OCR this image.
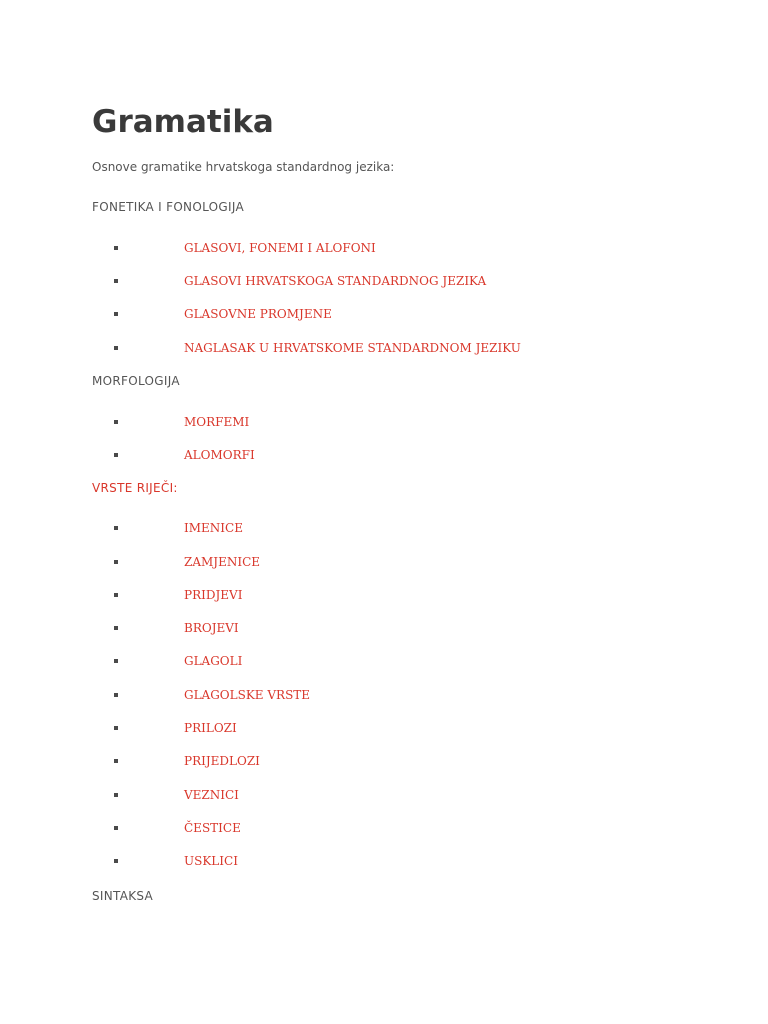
Gramatika
Osnove gramatike hrvatskoga standardnog jezika:
FONETIKA I FONOLOGIJA
GLASOVI, FONEMI I ALOFONI
GLASOVI HRVATSKOGA STANDARDNOG JEZIKA
GLASOVNE PROMJENE
NAGLASAK U HRVATSKOME STANDARDNOM JEZIKU
MORFOLOGIJA
MORFEMI
ALOMORFI
VRSTE RIJEČI:
IMENICE
ZAMJENICE
PRIDJEVI
BROJEVI
GLAGOLI
GLAGOLSKE VRSTE
PRILOZI
PRIJEDLOZI
VEZNICI
ČESTICE
USKLICI
SINTAKSA
